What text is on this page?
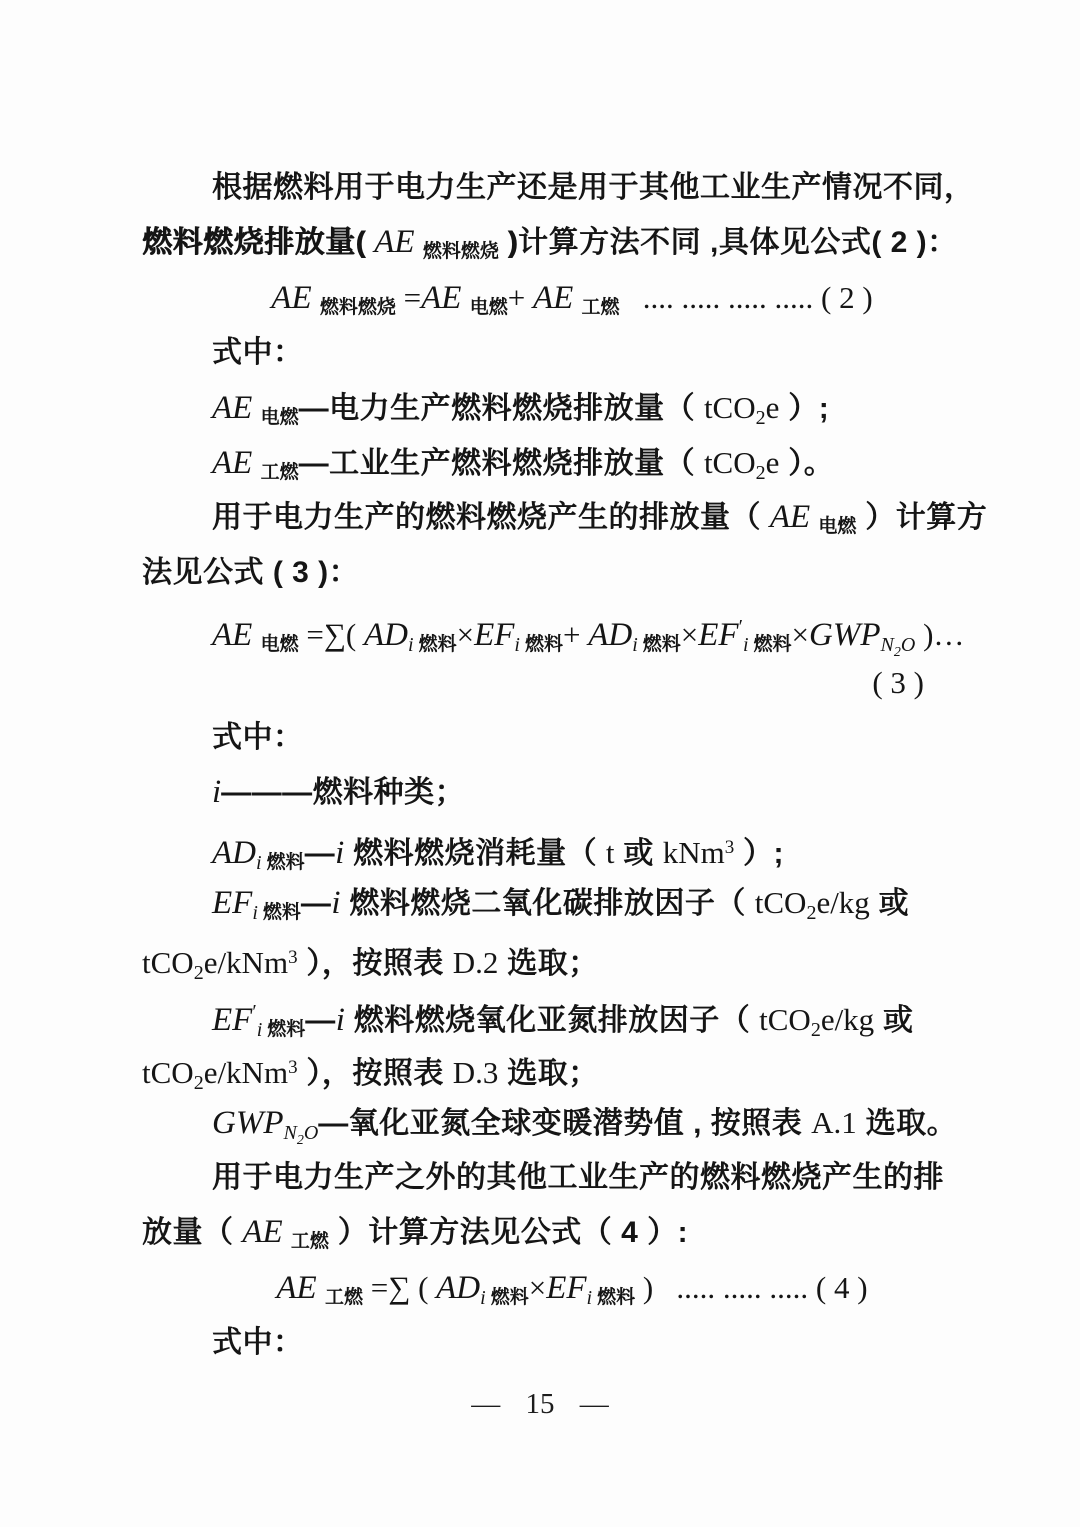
根据燃料用于电力生产还是用于其他工业生产情况不同，
燃料燃烧排放量( AE 燃料燃烧 )计算方法不同 ,具体见公式( 2 )：
AE 燃料燃烧 =AE 电燃+ AE 工燃   .... ..... ..... ..... ( 2 )
式中：
AE 电燃—电力生产燃料燃烧排放量（ tCO$_2$e ）;
AE 工燃—工业生产燃料燃烧排放量（ tCO$_2$e ）。
用于电力生产的燃料燃烧产生的排放量（ AE 电燃 ）计算方
法见公式 ( 3 )：
AE 电燃 =∑( $AD_i$ 燃料$\times EF_i$ 燃料+ $AD_i$ 燃料$\times EF'_i$ 燃料$\times GWP_{N2O}$ )…
( 3 )
式中：
i———燃料种类；
$AD_i$ 燃料—i 燃料燃烧消耗量（ t 或 kNm$^3$ ）;
$EF_i$ 燃料—i 燃料燃烧二氧化碳排放因子（ tCO$_2$e/kg 或
tCO$_2$e/kNm$^3$ ），按照表 D.2 选取；
$EF'_i$ 燃料—i 燃料燃烧氧化亚氮排放因子（ tCO$_2$e/kg 或
tCO$_2$e/kNm$^3$ ），按照表 D.3 选取；
$GWP_{N2O}—$氧化亚氮全球变暖潜势值 , 按照表 A.1 选取。
用于电力生产之外的其他工业生产的燃料燃烧产生的排
放量（ AE 工燃 ）计算方法见公式（ 4 ）:
AE 工燃 =∑ ( $AD_i$ 燃料$\times EF_i$ 燃料 )   ..... ..... ..... ( 4 )
式中：
— 15 —
